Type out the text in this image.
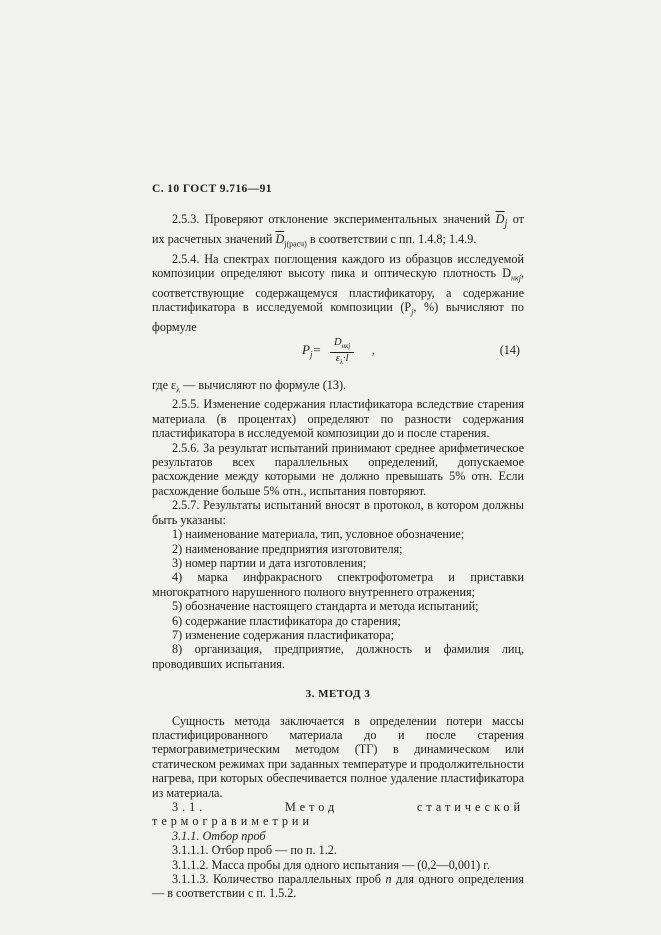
С. 10 ГОСТ 9.716—91

2.5.3. Проверяют отклонение экспериментальных значений $\overline{D}_j$ от их расчетных значений $\overline{D}_{j(расч)}$ в соответствии с пп. 1.4.8; 1.4.9.

2.5.4. На спектрах поглощения каждого из образцов исследуемой композиции определяют высоту пика и оптическую плотность $D_{нкj}$, соответствующие содержащемуся пластификатору, а содержание пластификатора в исследуемой композиции ($P_j$, %) вычисляют по формуле

$P_j=$	$D_{нкj}$
$\varepsilon_\lambda\cdot l$
,	(14)

где $\varepsilon_\lambda$ — вычисляют по формуле (13).

2.5.5. Изменение содержания пластификатора вследствие старения материала (в процентах) определяют по разности содержания пластификатора в исследуемой композиции до и после старения.

2.5.6. За результат испытаний принимают среднее арифметическое результатов всех параллельных определений, допускаемое расхождение между которыми не должно превышать 5% отн. Если расхождение больше 5% отн., испытания повторяют.

2.5.7. Результаты испытаний вносят в протокол, в котором должны быть указаны:

1) наименование материала, тип, условное обозначение;

2) наименование предприятия изготовителя;

3) номер партии и дата изготовления;

4) марка инфракрасного спектрофотометра и приставки многократного нарушенного полного внутреннего отражения;

5) обозначение настоящего стандарта и метода испытаний;

6) содержание пластификатора до старения;

7) изменение содержания пластификатора;

8) организация, предприятие, должность и фамилия лиц, проводивших испытания.

3. МЕТОД 3

Сущность метода заключается в определении потери массы пластифицированного материала до и после старения термогравиметрическим методом (ТГ) в динамическом или статическом режимах при заданных температуре и продолжительности нагрева, при которых обеспечивается полное удаление пластификатора из материала.

3.1. Метод статической термогравиметрии

3.1.1. Отбор проб

3.1.1.1. Отбор проб — по п. 1.2.

3.1.1.2. Масса пробы для одного испытания — (0,2—0,001) г.

3.1.1.3. Количество параллельных проб n для одного определения — в соответствии с п. 1.5.2.
